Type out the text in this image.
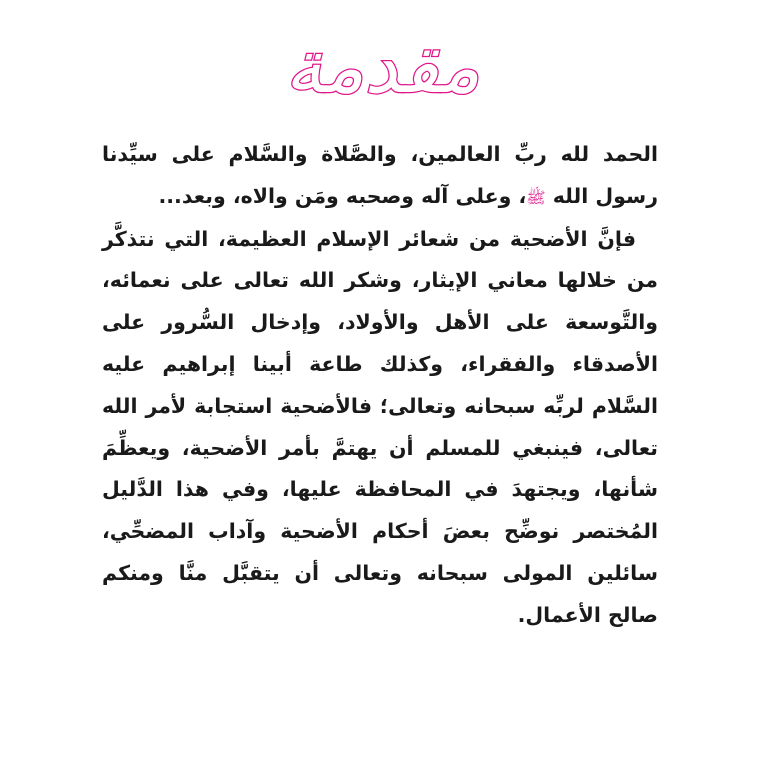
مقدمة

الحمد لله ربِّ العالمين، والصَّلاة والسَّلام على سيِّدنا رسول الله ﷺ، وعلى آله وصحبه ومَن والاه، وبعد...

فإنَّ الأضحية من شعائر الإسلام العظيمة، التي نتذكَّر من خلالها معاني الإيثار، وشكر الله تعالى على نعمائه، والتَّوسعة على الأهل والأولاد، وإدخال السُّرور على الأصدقاء والفقراء، وكذلك طاعة أبينا إبراهيم عليه السَّلام لربِّه سبحانه وتعالى؛ فالأضحية استجابة لأمر الله تعالى، فينبغي للمسلم أن يهتمَّ بأمر الأضحية، ويعظِّمَ شأنها، ويجتهدَ في المحافظة عليها، وفي هذا الدَّليل المُختصر نوضِّح بعضَ أحكام الأضحية وآداب المضحِّي، سائلين المولى سبحانه وتعالى أن يتقبَّل منَّا ومنكم صالح الأعمال.
